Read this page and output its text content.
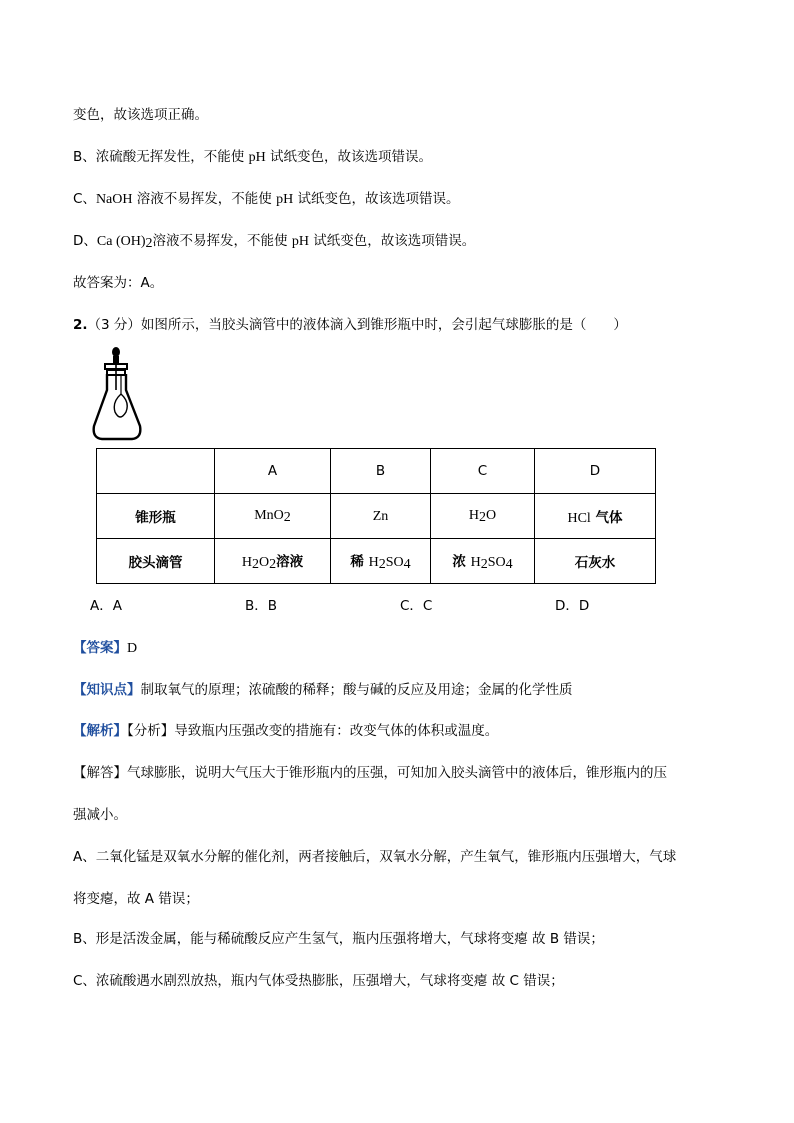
变色，故该选项正确。
B、浓硫酸无挥发性，不能使 pH 试纸变色，故该选项错误。
C、NaOH 溶液不易挥发，不能使 pH 试纸变色，故该选项错误。
D、Ca $(OH)_2$溶液不易挥发，不能使 pH 试纸变色，故该选项错误。
故答案为：A。
2.（3 分）如图所示，当胶头滴管中的液体滴入到锥形瓶中时，会引起气球膨胀的是（　　）
	A	B	C	D
锥形瓶	MnO$_2$	Zn	$H_2O$	HCl 气体
胶头滴管	$H_2O_2$溶液	稀 $H_2SO_4$	浓 $H_2SO_4$	石灰水
A．A	B．B	C．C	D．D
【答案】D
【知识点】制取氧气的原理；浓硫酸的稀释；酸与碱的反应及用途；金属的化学性质
【解析】【分析】导致瓶内压强改变的措施有：改变气体的体积或温度。
【解答】气球膨胀，说明大气压大于锥形瓶内的压强，可知加入胶头滴管中的液体后，锥形瓶内的压
强减小。
A、二氧化锰是双氧水分解的催化剂，两者接触后，双氧水分解，产生氧气，锥形瓶内压强增大，气球
将变瘪，故 A 错误；
B、形是活泼金属，能与稀硫酸反应产生氢气，瓶内压强将增大，气球将变瘪 故 B 错误；
C、浓硫酸遇水剧烈放热，瓶内气体受热膨胀，压强增大，气球将变瘪 故 C 错误；
